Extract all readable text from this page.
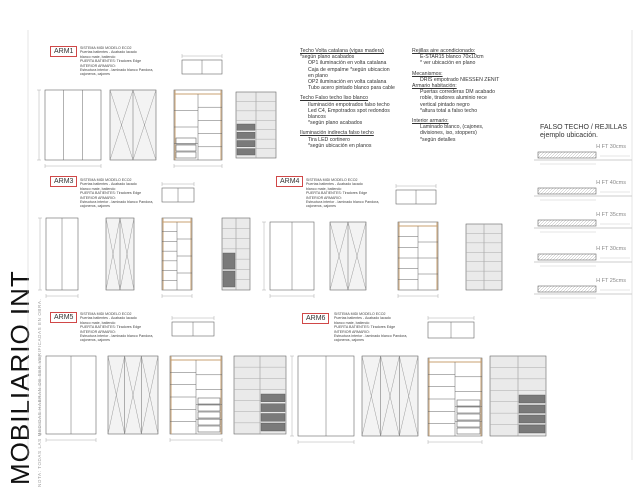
MOBILIARIO INT NOTA: TODAS LAS MEDIDAS HABRAN DE SER VERIFICADAS EN OBRA.
ARM1	SISTEMA MIDI MODELO ECO2
Puertas batientes - Acabado lacado
blanco mate, batiendo
PUERTA BATIENTES: Tiradores Edge
INTERIOR ARMARIO:
Estructura interior - laminado blanco Pandora,
cajoneros, cajones
ARM3	SISTEMA MIDI MODELO ECO2
Puertas batientes - Acabado lacado
blanco mate, batiendo
PUERTA BATIENTES: Tiradores Edge
INTERIOR ARMARIO:
Estructura interior - laminado blanco Pandora,
cajoneros, cajones
ARM4	SISTEMA MIDI MODELO ECO2
Puertas batientes - Acabado lacado
blanco mate, batiendo
PUERTA BATIENTES: Tiradores Edge
INTERIOR ARMARIO:
Estructura interior - laminado blanco Pandora,
cajoneros, cajones
ARM5	SISTEMA MIDI MODELO ECO2
Puertas batientes - Acabado lacado
blanco mate, batiendo
PUERTA BATIENTES: Tiradores Edge
INTERIOR ARMARIO:
Estructura interior - laminado blanco Pandora,
cajoneros, cajones
ARM6
SISTEMA MIDI MODELO ECO2
Puertas batientes - Acabado lacado
blanco mate, batiendo
PUERTA BATIENTES: Tiradores Edge
INTERIOR ARMARIO:
Estructura interior - laminado blanco Pandora,
cajoneros, cajones
Techo Volta catalana (vigas madera)
*según plano acabados
OP1 iluminación en volta catalana
Caja de empalme *según ubicacion
en plano
OP2 iluminación en volta catalana
Tubo acero pintado blanco para cable
Techo Falso techo liso blanco
Iluminación empotrados falso techo
Led C4, Empotrados spot redondos
blancos
*según plano acabados
Iluminación indirecta falso techo
Tira LED cortinero
*según ubicación en planos
Rejillas aire acondicionado:
E-STAR15 blanco 70x10cm
* ver ubicación en plano
Mecanismos:
DRIS empotrado NIESSEN ZENIT
Armario habitación:
Puertas correderas DM acabado
roble, tiradores aluminio rece
vertical pintado negro
*altura total a falso techo
Interior armario:
Laminado blanco, (cajones,
divisiones, iso, stoppers)
*según detalles
FALSO TECHO / REJILLAS
ejemplo ubicación.
H FT 30cms
H FT 40cms
H FT 35cms
H FT 30cms
H FT 25cms
